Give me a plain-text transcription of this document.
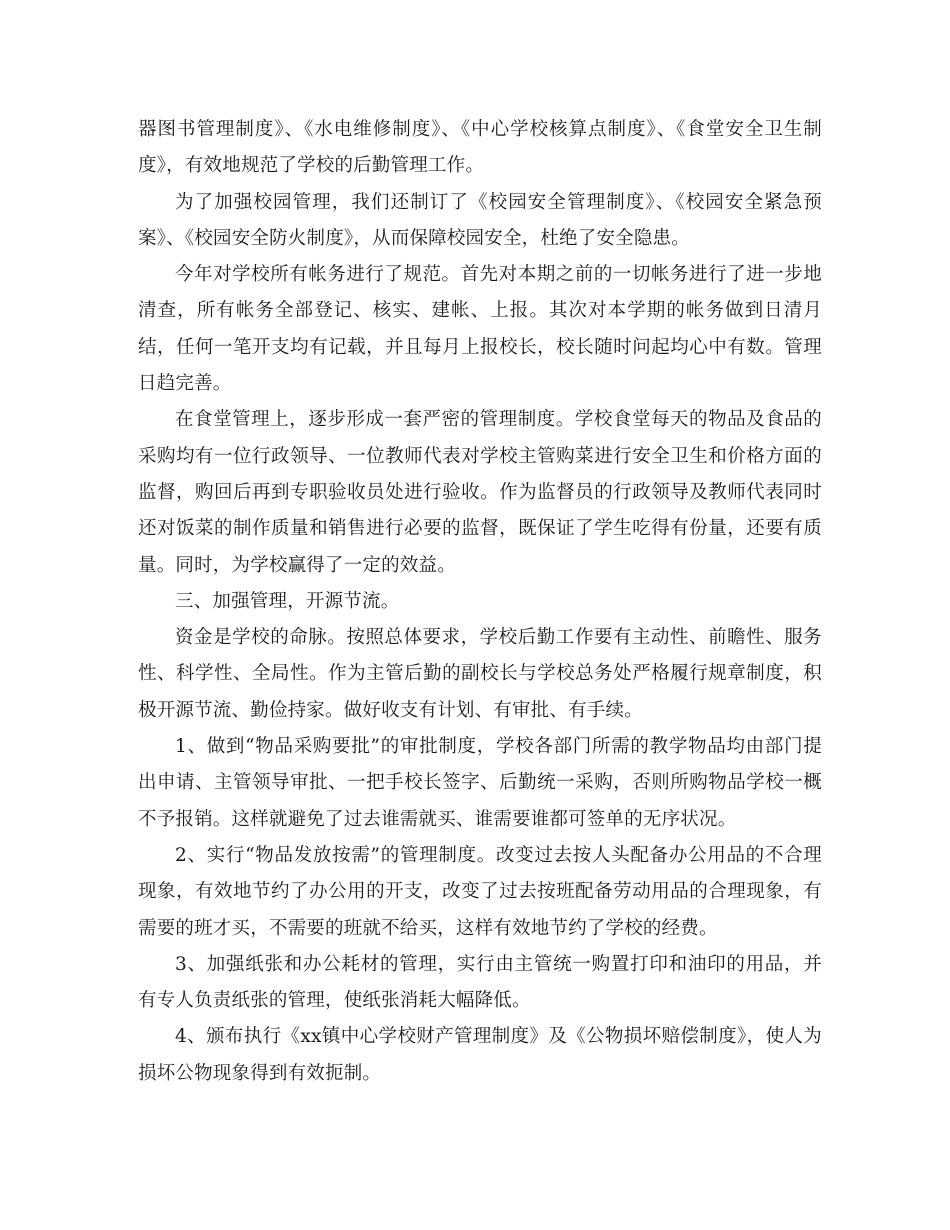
器图书管理制度》、《水电维修制度》、《中心学校核算点制度》、《食堂安全卫生制度》，有效地规范了学校的后勤管理工作。

为了加强校园管理，我们还制订了《校园安全管理制度》、《校园安全紧急预案》、《校园安全防火制度》，从而保障校园安全，杜绝了安全隐患。

今年对学校所有帐务进行了规范。首先对本期之前的一切帐务进行了进一步地清查，所有帐务全部登记、核实、建帐、上报。其次对本学期的帐务做到日清月结，任何一笔开支均有记载，并且每月上报校长，校长随时问起均心中有数。管理日趋完善。

在食堂管理上，逐步形成一套严密的管理制度。学校食堂每天的物品及食品的采购均有一位行政领导、一位教师代表对学校主管购菜进行安全卫生和价格方面的监督，购回后再到专职验收员处进行验收。作为监督员的行政领导及教师代表同时还对饭菜的制作质量和销售进行必要的监督，既保证了学生吃得有份量，还要有质量。同时，为学校赢得了一定的效益。

三、加强管理，开源节流。

资金是学校的命脉。按照总体要求，学校后勤工作要有主动性、前瞻性、服务性、科学性、全局性。作为主管后勤的副校长与学校总务处严格履行规章制度，积极开源节流、勤俭持家。做好收支有计划、有审批、有手续。

1、做到“物品采购要批”的审批制度，学校各部门所需的教学物品均由部门提出申请、主管领导审批、一把手校长签字、后勤统一采购，否则所购物品学校一概不予报销。这样就避免了过去谁需就买、谁需要谁都可签单的无序状况。

2、实行“物品发放按需”的管理制度。改变过去按人头配备办公用品的不合理现象，有效地节约了办公用的开支，改变了过去按班配备劳动用品的合理现象，有需要的班才买，不需要的班就不给买，这样有效地节约了学校的经费。

3、加强纸张和办公耗材的管理，实行由主管统一购置打印和油印的用品，并有专人负责纸张的管理，使纸张消耗大幅降低。

4、颁布执行《xx镇中心学校财产管理制度》及《公物损坏赔偿制度》，使人为损坏公物现象得到有效扼制。
